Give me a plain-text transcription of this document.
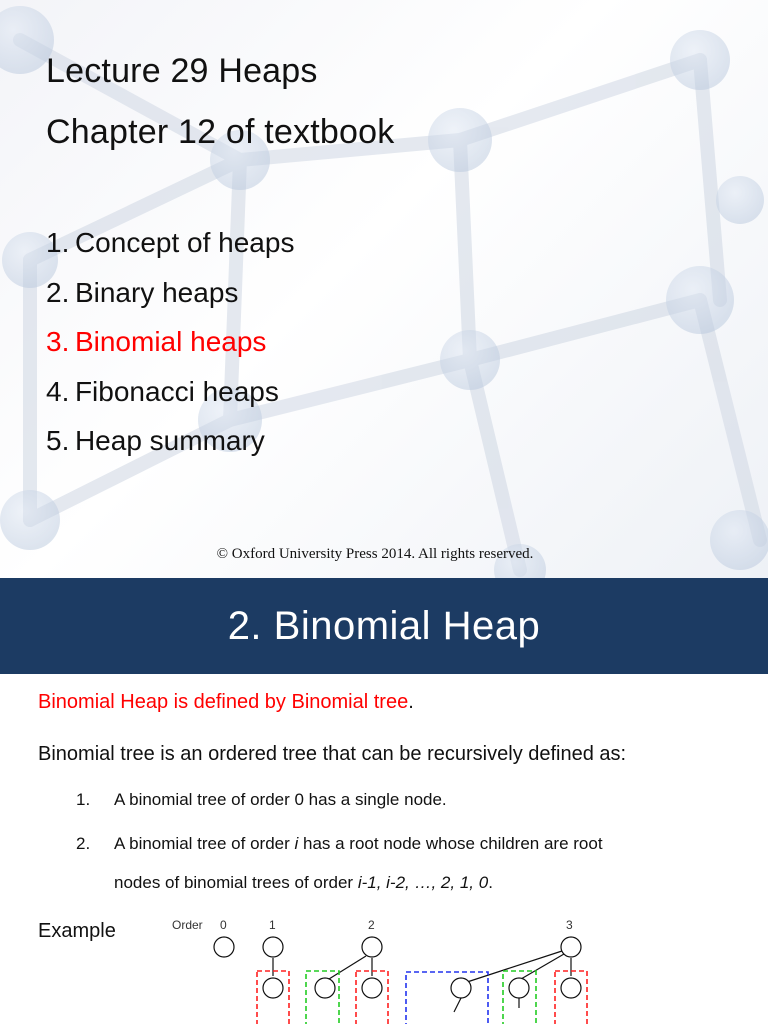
Lecture 29 Heaps
Chapter 12 of textbook
1. Concept of heaps
2. Binary heaps
3. Binomial heaps
4. Fibonacci heaps
5. Heap summary
© Oxford University Press 2014. All rights reserved.
2. Binomial Heap

Binomial Heap is defined by Binomial tree.

Binomial tree is an ordered tree that can be recursively defined as:

1. A binomial tree of order 0 has a single node.

2. A binomial tree of order i has a root node whose children are root

nodes of binomial trees of order i-1, i-2, …, 2, 1, 0.

Example	Order 0	1	2	3
